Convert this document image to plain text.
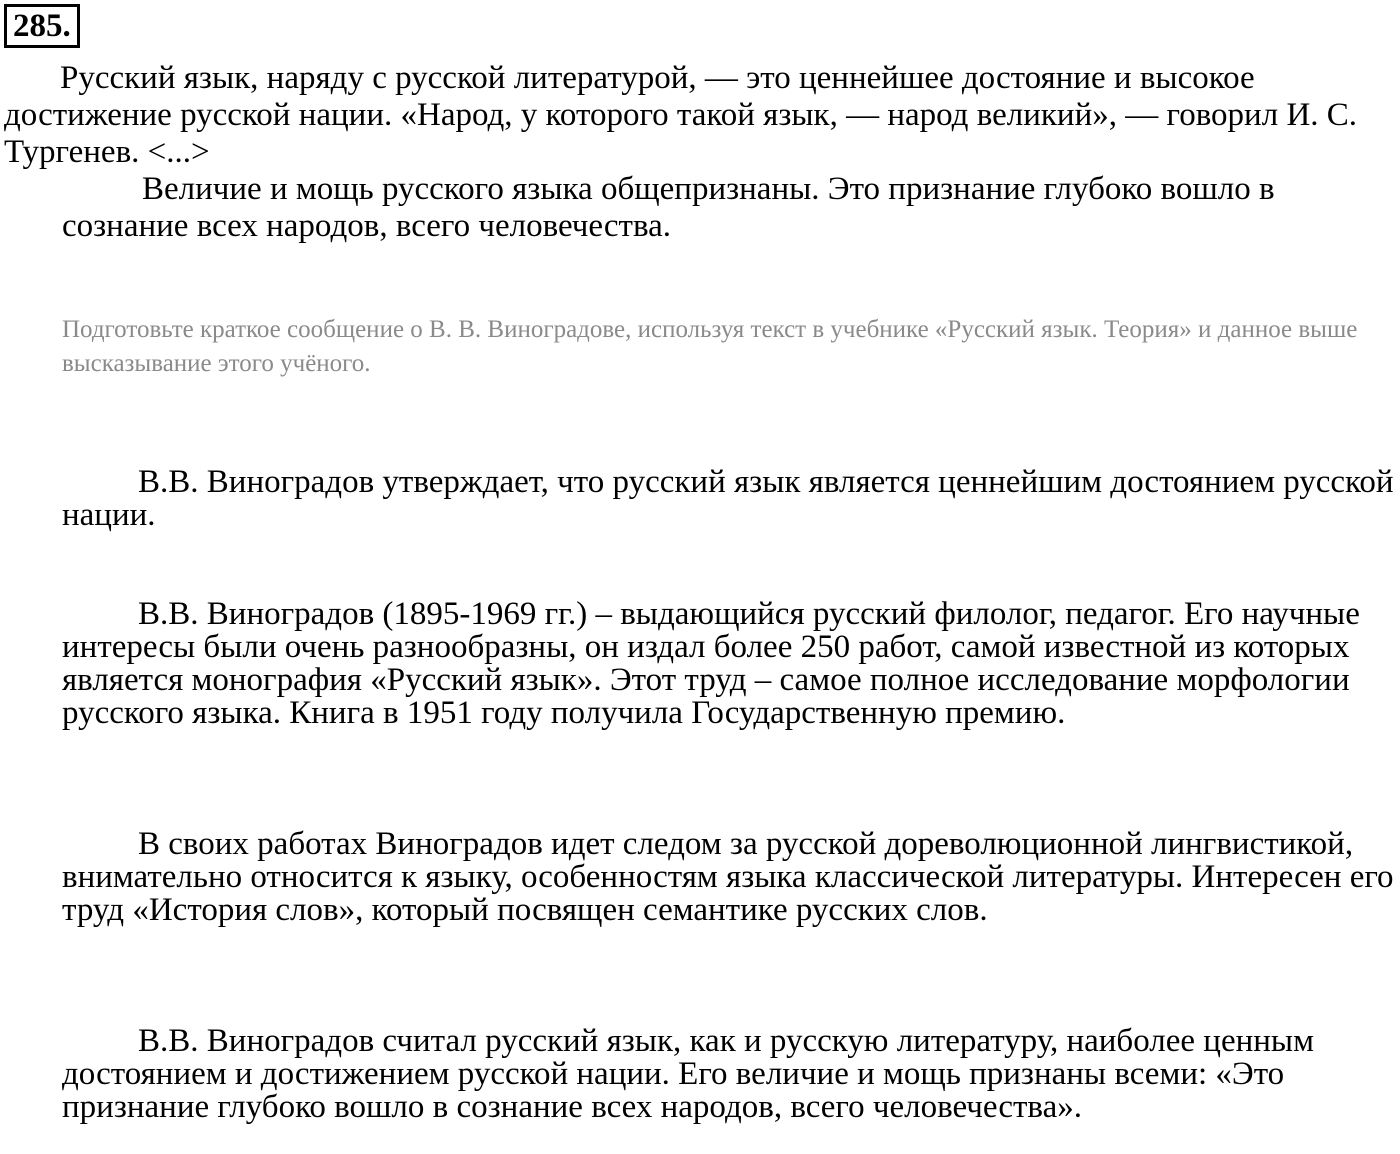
285.

Русский язык, наряду с русской литературой, — это ценнейшее достояние и высокое достижение русской нации. «Народ, у которого такой язык, — народ великий», — говорил И. С. Тургенев. <...>

Величие и мощь русского языка общепризнаны. Это признание глубоко вошло в сознание всех народов, всего человечества.

Подготовьте краткое сообщение о В. В. Виноградове, используя текст в учебнике «Русский язык. Теория» и данное выше высказывание этого учёного.

В.В. Виноградов утверждает, что русский язык является ценнейшим достоянием русской нации.

В.В. Виноградов (1895-1969 гг.) – выдающийся русский филолог, педагог. Его научные интересы были очень разнообразны, он издал более 250 работ, самой известной из которых является монография «Русский язык». Этот труд – самое полное исследование морфологии русского языка. Книга в 1951 году получила Государственную премию.

В своих работах Виноградов идет следом за русской дореволюционной лингвистикой, внимательно относится к языку, особенностям языка классической литературы. Интересен его труд «История слов», который посвящен семантике русских слов.

В.В. Виноградов считал русский язык, как и русскую литературу, наиболее ценным достоянием и достижением русской нации. Его величие и мощь признаны всеми: «Это признание глубоко вошло в сознание всех народов, всего человечества».
